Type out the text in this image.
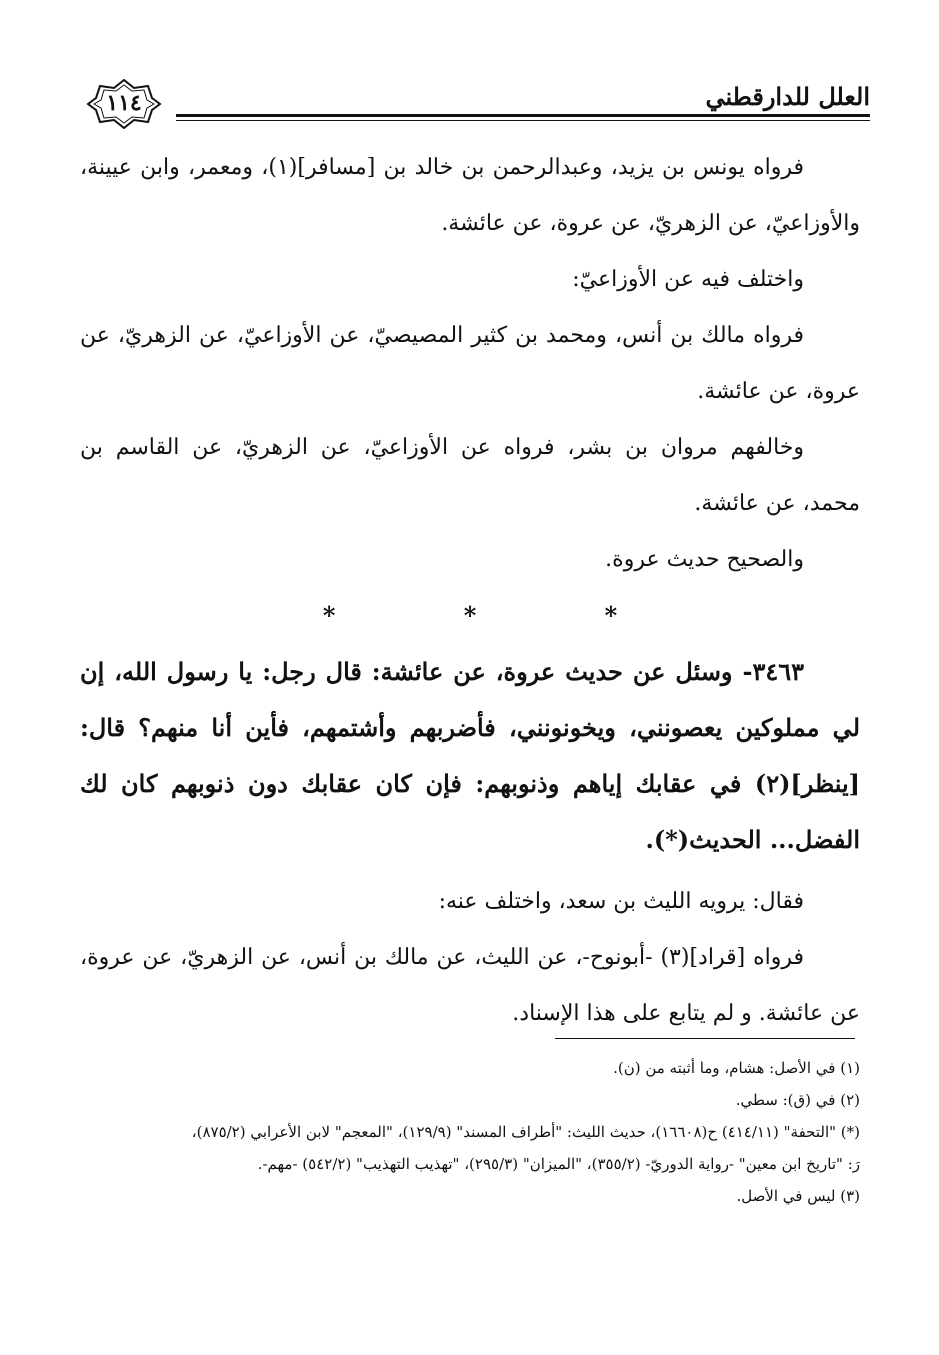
العلل للدارقطني
١١٤

فرواه يونس بن يزيد، وعبدالرحمن بن خالد بن [مسافر](١)، ومعمر، وابن عيينة، والأوزاعيّ، عن الزهريّ، عن عروة، عن عائشة.

واختلف فيه عن الأوزاعيّ:

فرواه مالك بن أنس، ومحمد بن كثير المصيصيّ، عن الأوزاعيّ، عن الزهريّ، عن عروة، عن عائشة.

وخالفهم مروان بن بشر، فرواه عن الأوزاعيّ، عن الزهريّ، عن القاسم بن محمد، عن عائشة.

والصحيح حديث عروة.

* * *

٣٤٦٣- وسئل عن حديث عروة، عن عائشة: قال رجل: يا رسول الله، إن لي مملوكين يعصونني، ويخونونني، فأضربهم وأشتمهم، فأين أنا منهم؟ قال: [ينظر](٢) في عقابك إياهم وذنوبهم: فإن كان عقابك دون ذنوبهم كان لك الفضل... الحديث(*).

فقال: يرويه الليث بن سعد، واختلف عنه:

فرواه [قراد](٣) -أبونوح-، عن الليث، عن مالك بن أنس، عن الزهريّ، عن عروة، عن عائشة. و لم يتابع على هذا الإسناد.

(١) في الأصل: هشام، وما أثبته من (ن).

(٢) في (ق): سطي.

(*) "التحفة" (٤١٤/١١) ح(١٦٦٠٨)، حديث الليث: "أطراف المسند" (١٢٩/٩)، "المعجم" لابن الأعرابي (٨٧٥/٢)،

رَ: "تاريخ ابن معين" -رواية الدوريّ- (٣٥٥/٢)، "الميزان" (٢٩٥/٣)، "تهذيب التهذيب" (٥٤٢/٢) -مهم-.

(٣) ليس في الأصل.
